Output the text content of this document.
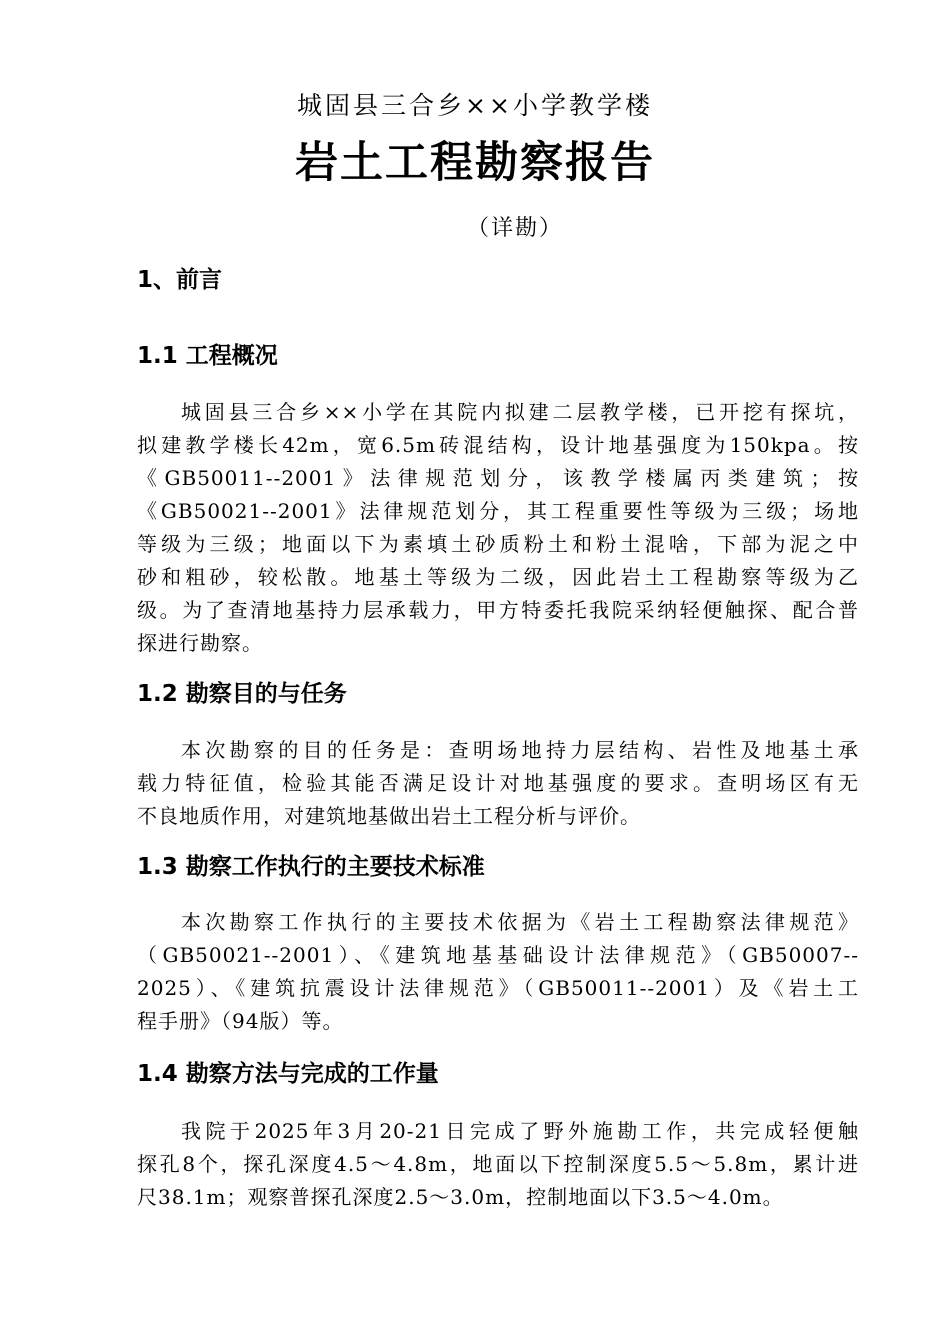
城固县三合乡××小学教学楼
岩土工程勘察报告
（详勘）
1、前言
1.1 工程概况
城固县三合乡××小学在其院内拟建二层教学楼，已开挖有探坑，
拟建教学楼长42m，宽6.5m砖混结构，设计地基强度为150kpa。按
《GB50011--2001》法律规范划分，该教学楼属丙类建筑；按
《GB50021--2001》法律规范划分，其工程重要性等级为三级；场地
等级为三级；地面以下为素填土砂质粉土和粉土混啥，下部为泥之中
砂和粗砂，较松散。地基土等级为二级，因此岩土工程勘察等级为乙
级。为了查清地基持力层承载力，甲方特委托我院采纳轻便触探、配合普
探进行勘察。
1.2 勘察目的与任务
本次勘察的目的任务是：查明场地持力层结构、岩性及地基土承
载力特征值，检验其能否满足设计对地基强度的要求。查明场区有无
不良地质作用，对建筑地基做出岩土工程分析与评价。
1.3 勘察工作执行的主要技术标准
本次勘察工作执行的主要技术依据为《岩土工程勘察法律规范》
（GB50021--2001）、《建筑地基基础设计法律规范》（GB50007--
2025）、《建筑抗震设计法律规范》（GB50011--2001）及《岩土工
程手册》（94版）等。
1.4 勘察方法与完成的工作量
我院于2025年3月20-21日完成了野外施勘工作，共完成轻便触
探孔8个，探孔深度4.5～4.8m，地面以下控制深度5.5～5.8m，累计进
尺38.1m；观察普探孔深度2.5～3.0m，控制地面以下3.5～4.0m。
